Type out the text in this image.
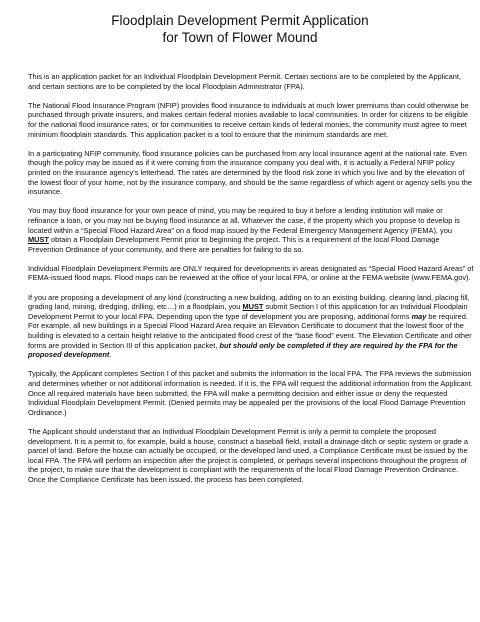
Floodplain Development Permit Application
for Town of Flower Mound

This is an application packet for an Individual Floodplain Development Permit. Certain sections are to be completed by the Applicant, and certain sections are to be completed by the local Floodplain Administrator (FPA).

The National Flood Insurance Program (NFIP) provides flood insurance to individuals at much lower premiums than could otherwise be purchased through private insurers, and makes certain federal monies available to local communities. In order for citizens to be eligible for the national flood insurance rates, or for communities to receive certain kinds of federal monies, the community must agree to meet minimum floodplain standards. This application packet is a tool to ensure that the minimum standards are met.

In a participating NFIP community, flood insurance policies can be purchased from any local insurance agent at the national rate. Even though the policy may be issued as if it were coming from the insurance company you deal with, it is actually a Federal NFIP policy printed on the insurance agency’s letterhead. The rates are determined by the flood risk zone in which you live and by the elevation of the lowest floor of your home, not by the insurance company, and should be the same regardless of which agent or agency sells you the insurance.

You may buy flood insurance for your own peace of mind, you may be required to buy it before a lending institution will make or refinance a loan, or you may not be buying flood insurance at all. Whatever the case, if the property which you propose to develop is located within a “Special Flood Hazard Area” on a flood map issued by the Federal Emergency Management Agency (FEMA), you MUST obtain a Floodplain Development Permit prior to beginning the project. This is a requirement of the local Flood Damage Prevention Ordinance of your community, and there are penalties for failing to do so.

Individual Floodplain Development Permits are ONLY required for developments in areas designated as “Special Flood Hazard Areas” of FEMA-issued flood maps. Flood maps can be reviewed at the office of your local FPA, or online at the FEMA website (www.FEMA.gov).

If you are proposing a development of any kind (constructing a new building, adding on to an existing building, clearing land, placing fill, grading land, mining, dredging, drilling, etc…) in a floodplain, you MUST submit Section I of this application for an Individual Floodplain Development Permit to your local FPA. Depending upon the type of development you are proposing, additional forms may be required. For example, all new buildings in a Special Flood Hazard Area require an Elevation Certificate to document that the lowest floor of the building is elevated to a certain height relative to the anticipated flood crest of the “base flood” event. The Elevation Certificate and other forms are provided in Section III of this application packet, but should only be completed if they are required by the FPA for the proposed development.

Typically, the Applicant completes Section I of this packet and submits the information to the local FPA. The FPA reviews the submission and determines whether or not additional information is needed. If it is, the FPA will request the additional information from the Applicant. Once all required materials have been submitted, the FPA will make a permitting decision and either issue or deny the requested Individual Floodplain Development Permit. (Denied permits may be appealed per the provisions of the local Flood Damage Prevention Ordinance.)

The Applicant should understand that an Individual Floodplain Development Permit is only a permit to complete the proposed development. It is a permit to, for example, build a house, construct a baseball field, install a drainage ditch or septic system or grade a parcel of land. Before the house can actually be occupied, or the developed land used, a Compliance Certificate must be issued by the local FPA. The FPA will perform an inspection after the project is completed, or perhaps several inspections throughout the progress of the project, to make sure that the development is compliant with the requirements of the local Flood Damage Prevention Ordinance. Once the Compliance Certificate has been issued, the process has been completed.
